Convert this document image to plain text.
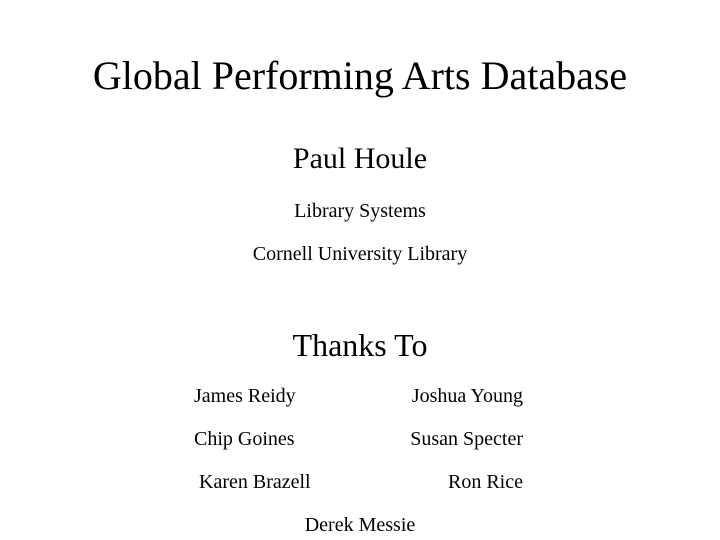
Global Performing Arts Database
Paul Houle
Library Systems
Cornell University Library
Thanks To
James Reidy	Joshua Young
Chip Goines	Susan Specter
Karen Brazell	Ron Rice
Derek Messie
